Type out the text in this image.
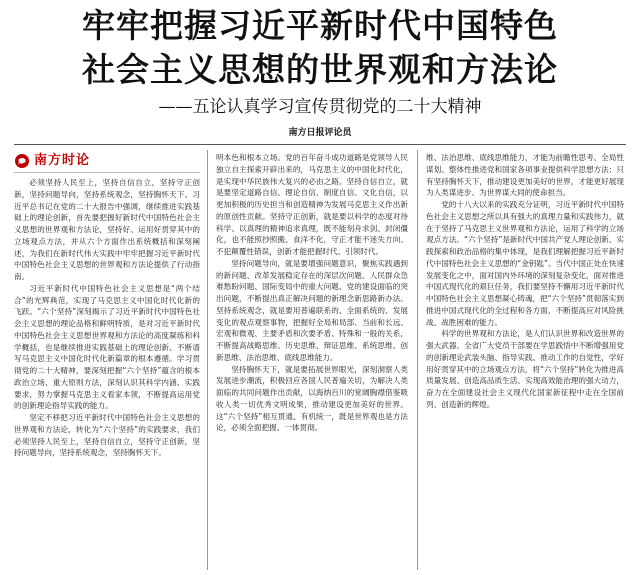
牢牢把握习近平新时代中国特色
社会主义思想的世界观和方法论
——五论认真学习宣传贯彻党的二十大精神
南方日报评论员
南方时论

必须坚持人民至上，坚持自信自立，坚持守正创新，坚持问题导向，坚持系统观念，坚持胸怀天下。习近平总书记在党的二十大报告中强调，继续推进实践基础上的理论创新，首先要把握好新时代中国特色社会主义思想的世界观和方法论，坚持好、运用好贯穿其中的立场观点方法，并从六个方面作出系统概括和深刻阐述，为我们在新时代伟大实践中牢牢把握习近平新时代中国特色社会主义思想的世界观和方法论提供了行动指南。

习近平新时代中国特色社会主义思想是“两个结合”的光辉典范，实现了马克思主义中国化时代化新的飞跃。“六个坚持”深刻揭示了习近平新时代中国特色社会主义思想的理论品格和鲜明特质，是对习近平新时代中国特色社会主义思想世界观和方法论的高度凝练和科学概括，也是继续推进实践基础上的理论创新、不断谱写马克思主义中国化时代化新篇章的根本遵循。学习贯彻党的二十大精神，要深刻把握“六个坚持”蕴含的根本政治立场、重大原则方法，深刻认识其科学内涵、实践要求，努力掌握马克思主义看家本领，不断提高运用党的创新理论指导实践的能力。

坚定不移把习近平新时代中国特色社会主义思想的世界观和方法论，转化为“六个坚持”的实践要求，我们必须坚持人民至上，坚持自信自立，坚持守正创新，坚持问题导向，坚持系统观念，坚持胸怀天下。

明本色和根本立场。党的百年奋斗成功道路是党领导人民独立自主探索开辟出来的，马克思主义的中国化时代化，是实现中华民族伟大复兴的必由之路。坚持自信自立，就是要坚定道路自信、理论自信、制度自信、文化自信，以更加积极的历史担当和创造精神为发展马克思主义作出新的原创性贡献。坚持守正创新，就是要以科学的态度对待科学、以真理的精神追求真理，既不能刻舟求剑、封闭僵化，也不能照抄照搬、食洋不化，守正才能不迷失方向、不犯颠覆性错误，创新才能把握时代、引领时代。

坚持问题导向，就是要增强问题意识，聚焦实践遇到的新问题、改革发展稳定存在的深层次问题、人民群众急难愁盼问题、国际变局中的重大问题、党的建设面临的突出问题，不断提出真正解决问题的新理念新思路新办法。坚持系统观念，就是要用普遍联系的、全面系统的、发展变化的观点观察事物，把握好全局和局部、当前和长远、宏观和微观、主要矛盾和次要矛盾、特殊和一般的关系，不断提高战略思维、历史思维、辩证思维、系统思维、创新思维、法治思维、底线思维能力。

坚持胸怀天下，就是要拓展世界眼光，深刻洞察人类发展进步潮流，积极回应各国人民普遍关切，为解决人类面临的共同问题作出贡献，以海纳百川的宽阔胸襟借鉴吸收人类一切优秀文明成果，推动建设更加美好的世界。这“六个坚持”相互贯通、有机统一，既是世界观也是方法论，必须全面把握、一体贯彻。

维、法治思维、底线思维能力，才能为前瞻性思考、全局性谋划、整体性推进党和国家各项事业提供科学思想方法；只有坚持胸怀天下，推动建设更加美好的世界，才能更好展现为人类谋进步、为世界谋大同的使命担当。

党的十八大以来的实践充分证明，习近平新时代中国特色社会主义思想之所以具有强大的真理力量和实践伟力，就在于坚持了马克思主义世界观和方法论，运用了科学的立场观点方法。“六个坚持”是新时代中国共产党人理论创新、实践探索和政治品格的集中体现，是我们理解把握习近平新时代中国特色社会主义思想的“金钥匙”。当代中国正处在快速发展变化之中，面对国内外环境的深刻复杂变化，面对推进中国式现代化的艰巨任务，我们要坚持不懈用习近平新时代中国特色社会主义思想凝心铸魂，把“六个坚持”贯彻落实到推进中国式现代化的全过程和各方面，不断提高应对风险挑战、战胜困难的能力。

科学的世界观和方法论，是人们认识世界和改造世界的强大武器。全省广大党员干部要在学思践悟中不断增强用党的创新理论武装头脑、指导实践、推动工作的自觉性，学好用好贯穿其中的立场观点方法，将“六个坚持”转化为推进高质量发展、创造高品质生活、实现高效能治理的强大动力，奋力在全面建设社会主义现代化国家新征程中走在全国前列、创造新的辉煌。
